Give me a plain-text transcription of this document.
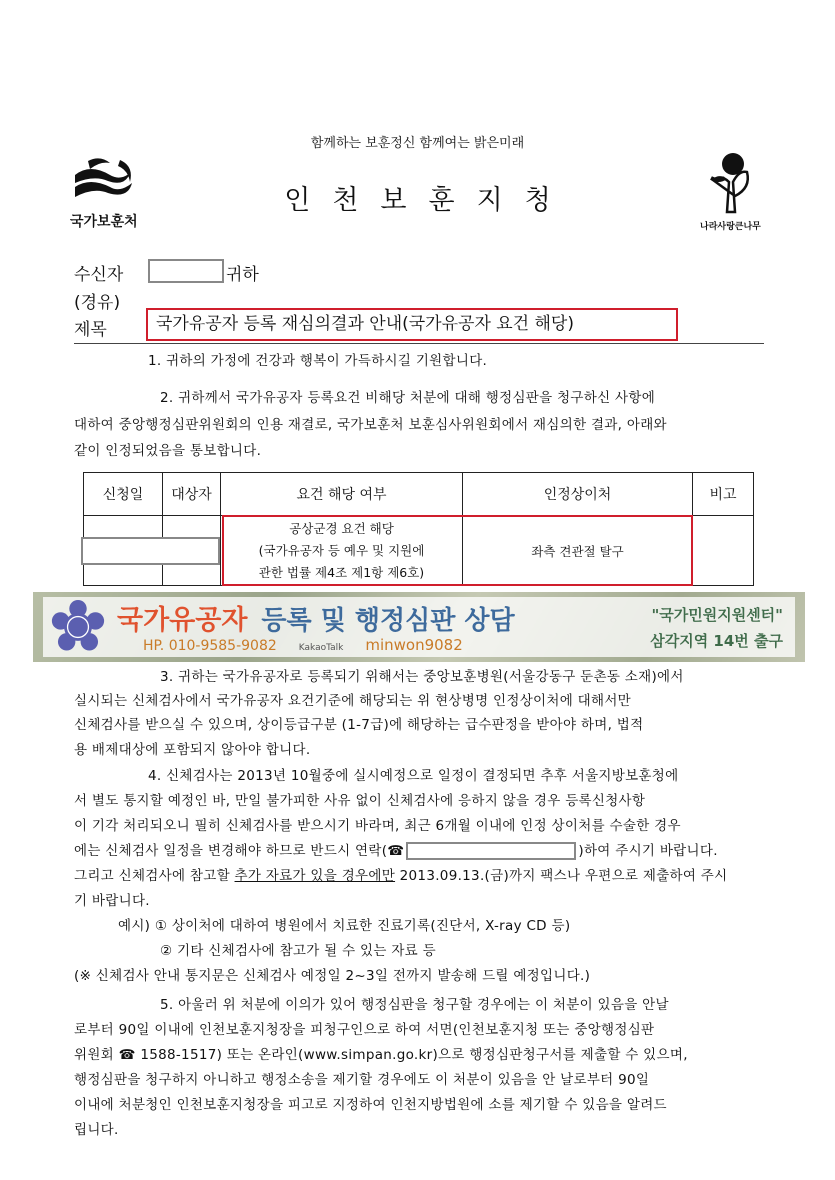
함께하는 보훈정신 함께여는 밝은미래
인천보훈지청
국가보훈처	나라사랑큰나무
수신자	귀하
(경유)
제목	국가유공자 등록 재심의결과 안내(국가유공자 요건 해당)
1. 귀하의 가정에 건강과 행복이 가득하시길 기원합니다.
2. 귀하께서 국가유공자 등록요건 비해당 처분에 대해 행정심판을 청구하신 사항에
대하여 중앙행정심판위원회의 인용 재결로, 국가보훈처 보훈심사위원회에서 재심의한 결과, 아래와
같이 인정되었음을 통보합니다.
신청일	대상자	요건 해당 여부	인정상이처	비고

		공상군경 요건 해당
(국가유공자 등 예우 및 지원에
관한 법률 제4조 제1항 제6호)	좌측 견관절 탈구	

국가유공자 등록 및 행정심판 상담
HP. 010-9585-9082 KakaoTalk minwon9082
"국가민원지원센터"
삼각지역 14번 출구
3. 귀하는 국가유공자로 등록되기 위해서는 중앙보훈병원(서울강동구 둔촌동 소재)에서
실시되는 신체검사에서 국가유공자 요건기준에 해당되는 위 현상병명 인정상이처에 대해서만
신체검사를 받으실 수 있으며, 상이등급구분 (1-7급)에 해당하는 급수판정을 받아야 하며, 법적
용 배제대상에 포함되지 않아야 합니다.
4. 신체검사는 2013년 10월중에 실시예정으로 일정이 결정되면 추후 서울지방보훈청에
서 별도 통지할 예정인 바, 만일 불가피한 사유 없이 신체검사에 응하지 않을 경우 등록신청사항
이 기각 처리되오니 필히 신체검사를 받으시기 바라며, 최근 6개월 이내에 인정 상이처를 수술한 경우
에는 신체검사 일정을 변경해야 하므로 반드시 연락(☎	)하여 주시기 바랍니다.
그리고 신체검사에 참고할 추가 자료가 있을 경우에만 2013.09.13.(금)까지 팩스나 우편으로 제출하여 주시
기 바랍니다.
예시) ① 상이처에 대하여 병원에서 치료한 진료기록(진단서, X-ray CD 등)
② 기타 신체검사에 참고가 될 수 있는 자료 등
(※ 신체검사 안내 통지문은 신체검사 예정일 2~3일 전까지 발송해 드릴 예정입니다.)
5. 아울러 위 처분에 이의가 있어 행정심판을 청구할 경우에는 이 처분이 있음을 안날
로부터 90일 이내에 인천보훈지청장을 피청구인으로 하여 서면(인천보훈지청 또는 중앙행정심판
위원회 ☎ 1588-1517) 또는 온라인(www.simpan.go.kr)으로 행정심판청구서를 제출할 수 있으며,
행정심판을 청구하지 아니하고 행정소송을 제기할 경우에도 이 처분이 있음을 안 날로부터 90일
이내에 처분청인 인천보훈지청장을 피고로 지정하여 인천지방법원에 소를 제기할 수 있음을 알려드
립니다.
